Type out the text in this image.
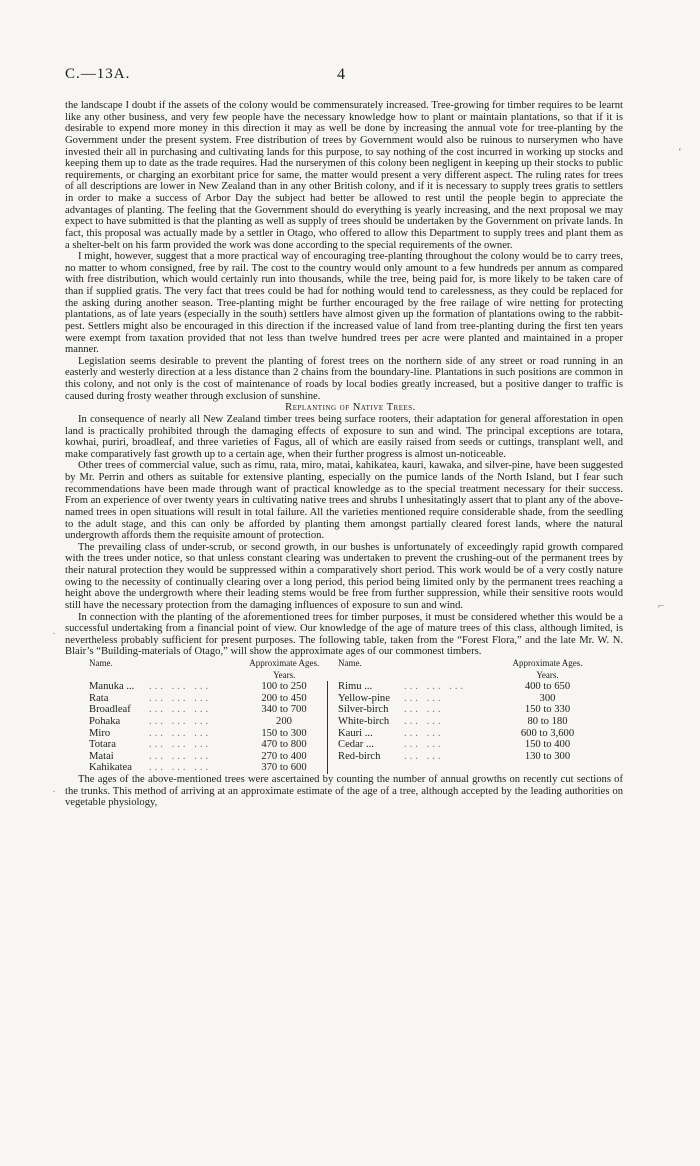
C.—13A.	4

the landscape I doubt if the assets of the colony would be commensurately increased. Tree-growing for timber requires to be learnt like any other business, and very few people have the necessary knowledge how to plant or maintain plantations, so that if it is desirable to expend more money in this direction it may as well be done by increasing the annual vote for tree-planting by the Government under the present system. Free distribution of trees by Government would also be ruinous to nurserymen who have invested their all in purchasing and cultivating lands for this purpose, to say nothing of the cost incurred in working up stocks and keeping them up to date as the trade requires. Had the nurserymen of this colony been negligent in keeping up their stocks to public requirements, or charging an exorbitant price for same, the matter would present a very different aspect. The ruling rates for trees of all descriptions are lower in New Zealand than in any other British colony, and if it is necessary to supply trees gratis to settlers in order to make a success of Arbor Day the subject had better be allowed to rest until the people begin to appreciate the advantages of planting. The feeling that the Government should do everything is yearly increasing, and the next proposal we may expect to have submitted is that the planting as well as supply of trees should be undertaken by the Government on private lands. In fact, this proposal was actually made by a settler in Otago, who offered to allow this Department to supply trees and plant them as a shelter-belt on his farm provided the work was done according to the special requirements of the owner.

I might, however, suggest that a more practical way of encouraging tree-planting throughout the colony would be to carry trees, no matter to whom consigned, free by rail. The cost to the country would only amount to a few hundreds per annum as compared with free distribution, which would certainly run into thousands, while the tree, being paid for, is more likely to be taken care of than if supplied gratis. The very fact that trees could be had for nothing would tend to carelessness, as they could be replaced for the asking during another season. Tree-planting might be further encouraged by the free railage of wire netting for protecting plantations, as of late years (especially in the south) settlers have almost given up the formation of plantations owing to the rabbit-pest. Settlers might also be encouraged in this direction if the increased value of land from tree-planting during the first ten years were exempt from taxation provided that not less than twelve hundred trees per acre were planted and maintained in a proper manner.

Legislation seems desirable to prevent the planting of forest trees on the northern side of any street or road running in an easterly and westerly direction at a less distance than 2 chains from the boundary-line. Plantations in such positions are common in this colony, and not only is the cost of maintenance of roads by local bodies greatly increased, but a positive danger to traffic is caused during frosty weather through exclusion of sunshine.

Replanting of Native Trees.

In consequence of nearly all New Zealand timber trees being surface rooters, their adaptation for general afforestation in open land is practically prohibited through the damaging effects of exposure to sun and wind. The principal exceptions are totara, kowhai, puriri, broadleaf, and three varieties of Fagus, all of which are easily raised from seeds or cuttings, transplant well, and make comparatively fast growth up to a certain age, when their further progress is almost un-noticeable.

Other trees of commercial value, such as rimu, rata, miro, matai, kahikatea, kauri, kawaka, and silver-pine, have been suggested by Mr. Perrin and others as suitable for extensive planting, especially on the pumice lands of the North Island, but I fear such recommendations have been made through want of practical knowledge as to the special treatment necessary for their success. From an experience of over twenty years in cultivating native trees and shrubs I unhesitatingly assert that to plant any of the above-named trees in open situations will result in total failure. All the varieties mentioned require considerable shade, from the seedling to the adult stage, and this can only be afforded by planting them amongst partially cleared forest lands, where the natural undergrowth affords them the requisite amount of protection.

The prevailing class of under-scrub, or second growth, in our bushes is unfortunately of exceedingly rapid growth compared with the trees under notice, so that unless constant clearing was undertaken to prevent the crushing-out of the permanent trees by their natural protection they would be suppressed within a comparatively short period. This work would be of a very costly nature owing to the necessity of continually clearing over a long period, this period being limited only by the permanent trees reaching a height above the undergrowth where their leading stems would be free from further suppression, while their sensitive roots would still have the necessary protection from the damaging influences of exposure to sun and wind.

In connection with the planting of the aforementioned trees for timber purposes, it must be considered whether this would be a successful undertaking from a financial point of view. Our knowledge of the age of mature trees of this class, although limited, is nevertheless probably sufficient for present purposes. The following table, taken from the “Forest Flora,” and the late Mr. W. N. Blair’s “Building-materials of Otago,” will show the approximate ages of our commonest timbers.

Name.		Approximate Ages.
Years.		Name.		Approximate Ages.
Years.
Manuka ...	... ... ...	100 to 250		Rimu ...	... ... ...	400 to 650
Rata	... ... ...	200 to 450		Yellow-pine	... ...	300
Broadleaf	... ... ...	340 to 700		Silver-birch	... ...	150 to 330
Pohaka	... ... ...	200		White-birch	... ...	80 to 180
Miro	... ... ...	150 to 300		Kauri ...	... ...	600 to 3,600
Totara	... ... ...	470 to 800		Cedar ...	... ...	150 to 400
Matai	... ... ...	270 to 400		Red-birch	... ...	130 to 300
Kahikatea	... ... ...	370 to 600				

The ages of the above-mentioned trees were ascertained by counting the number of annual growths on recently cut sections of the trunks. This method of arriving at an approximate estimate of the age of a tree, although accepted by the leading authorities on vegetable physiology,

‘
⌐
·
·
